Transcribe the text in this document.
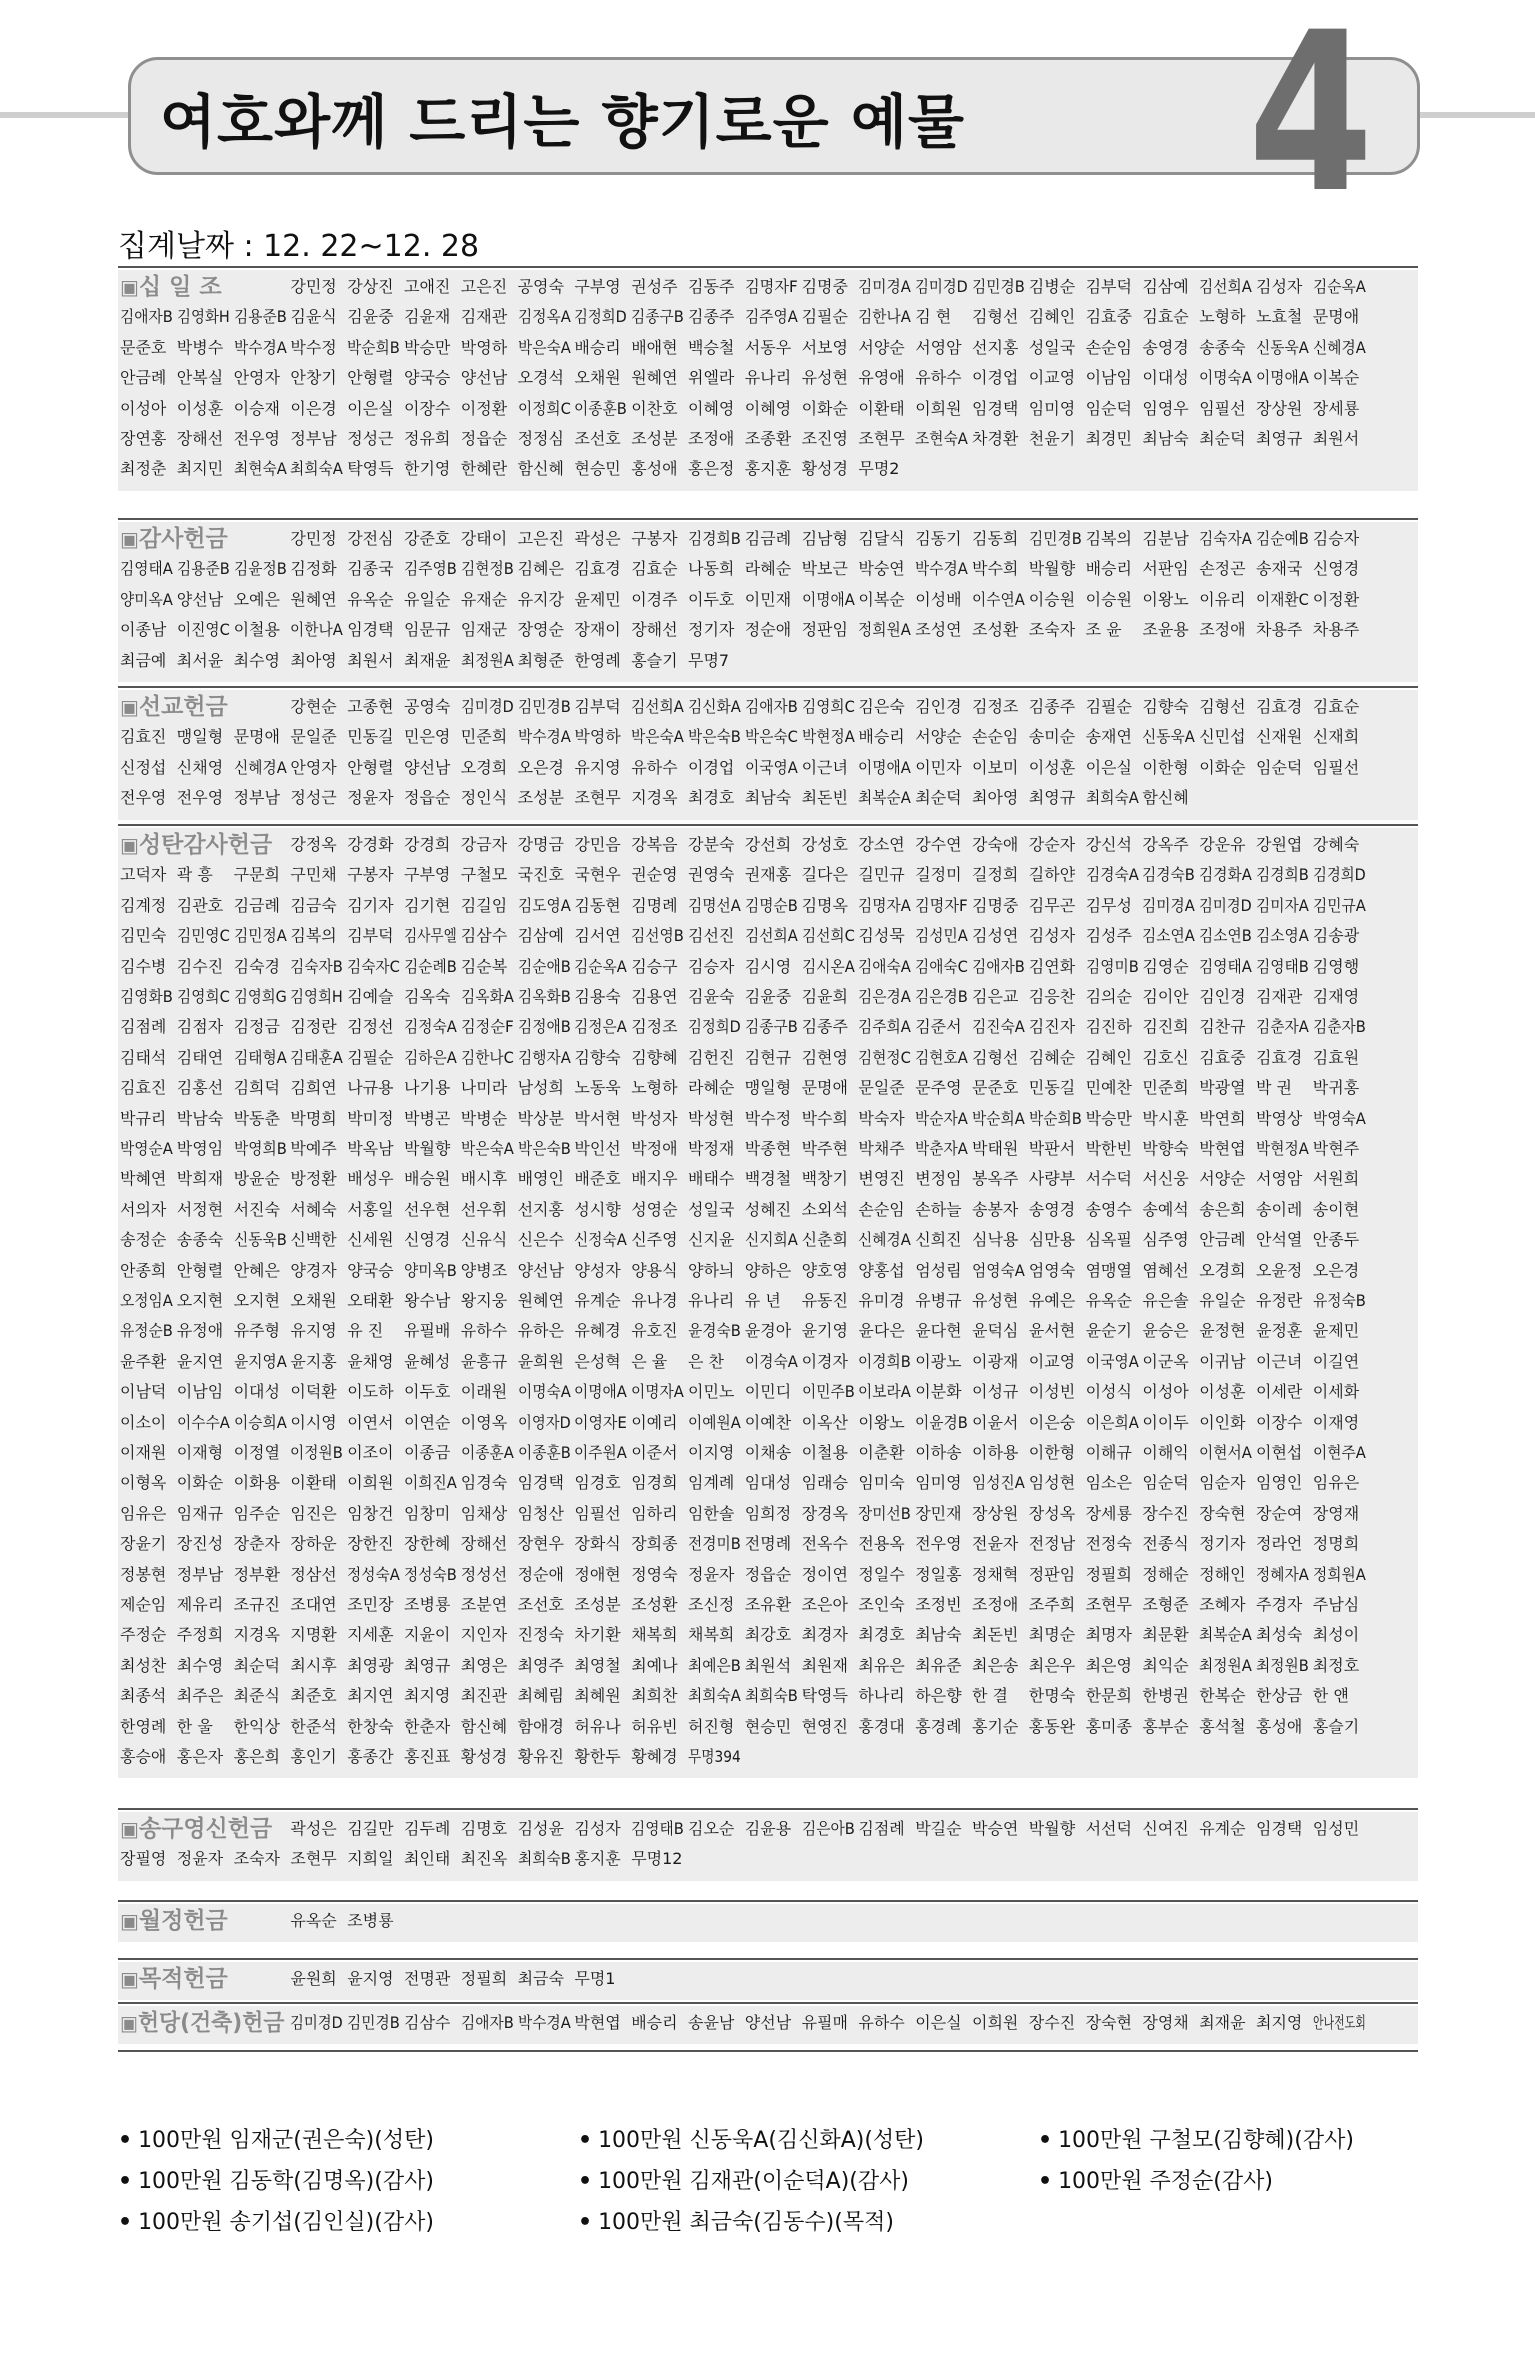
여호와께 드리는 향기로운 예물 4
집계날짜 : 12. 22~12. 28
▣십 일 조	강민정 강상진 고애진 고은진 공영숙 구부영 권성주 김동주 김명자F 김명중 김미경A 김미경D 김민경B 김병순 김부덕 김삼예 김선희A 김성자 김순옥A
김애자B 김영화H 김용준B 김윤식 김윤중 김윤재 김재관 김정옥A 김정희D 김종구B 김종주 김주영A 김필순 김한나A 김 현 김형선 김혜인 김효중 김효순 노형하 노효철 문명애
문준호 박병수 박수경A 박수정 박순희B 박승만 박영하 박은숙A 배승리 배애현 백승철 서동우 서보영 서양순 서영암 선지홍 성일국 손순임 송영경 송종숙 신동욱A 신혜경A
안금례 안복실 안영자 안창기 안형렬 양국승 양선남 오경석 오채원 원혜연 위엘라 유나리 유성현 유영애 유하수 이경업 이교영 이남임 이대성 이명숙A 이명애A 이복순
이성아 이성훈 이승재 이은경 이은실 이장수 이정환 이정희C 이종훈B 이찬호 이혜영 이혜영 이화순 이환태 이희원 임경택 임미영 임순덕 임영우 임필선 장상원 장세룡
장연홍 장해선 전우영 정부남 정성근 정유희 정읍순 정정심 조선호 조성분 조정애 조종환 조진영 조현무 조현숙A 차경환 천윤기 최경민 최남숙 최순덕 최영규 최원서
최정춘 최지민 최현숙A 최희숙A 탁영득 한기영 한혜란 함신혜 현승민 홍성애 홍은정 홍지훈 황성경 무명2
▣감사헌금	강민정 강전심 강준호 강태이 고은진 곽성은 구봉자 김경희B 김금례 김남형 김달식 김동기 김동희 김민경B 김복의 김분남 김숙자A 김순예B 김승자
김영태A 김용준B 김윤정B 김정화 김종국 김주영B 김현정B 김혜은 김효경 김효순 나동희 라혜순 박보근 박숭연 박수경A 박수희 박월향 배승리 서판임 손정곤 송재국 신영경
양미옥A 양선남 오예은 원혜연 유옥순 유일순 유재순 유지강 윤제민 이경주 이두호 이민재 이명애A 이복순 이성배 이수연A 이승원 이승원 이왕노 이유리 이재환C 이정환
이종남 이진영C 이철용 이한나A 임경택 임문규 임재군 장영순 장재이 장해선 정기자 정순애 정판임 정희원A 조성연 조성환 조숙자 조 윤 조윤용 조정애 차용주 차용주
최금예 최서윤 최수영 최아영 최원서 최재윤 최정원A 최형준 한영례 홍슬기 무명7
▣선교헌금	강현순 고종현 공영숙 김미경D 김민경B 김부덕 김선희A 김신화A 김애자B 김영희C 김은숙 김인경 김정조 김종주 김필순 김향숙 김형선 김효경 김효순
김효진 맹일형 문명애 문일준 민동길 민은영 민준희 박수경A 박영하 박은숙A 박은숙B 박은숙C 박현정A 배승리 서양순 손순임 송미순 송재연 신동욱A 신민섭 신재원 신재희
신정섭 신채영 신혜경A 안영자 안형렬 양선남 오경희 오은경 유지영 유하수 이경업 이국영A 이근녀 이명애A 이민자 이보미 이성훈 이은실 이한형 이화순 임순덕 임필선
전우영 전우영 정부남 정성근 정윤자 정읍순 정인식 조성분 조현무 지경옥 최경호 최남숙 최돈빈 최복순A 최순덕 최아영 최영규 최희숙A 함신혜
▣성탄감사헌금 강정옥 강경화 강경희 강금자 강명금 강민음 강복음 강분숙 강선희 강성호 강소연 강수연 강숙애 강순자 강신석 강옥주 강운유 강원엽 강혜숙
고덕자 곽 흥 구문희 구민채 구봉자 구부영 구철모 국진호 국현우 권순영 권영숙 권재홍 길다은 길민규 길정미 길정희 길하얀 김경숙A 김경숙B 김경화A 김경희B 김경희D
김계정 김관호 김금례 김금숙 김기자 김기현 김길임 김도영A 김동현 김명례 김명선A 김명순B 김명옥 김명자A 김명자F 김명중 김무곤 김무성 김미경A 김미경D 김미자A 김민규A
김민숙 김민영C 김민정A 김복의 김부덕 김사무엘 김삼수 김삼예 김서연 김선영B 김선진 김선희A 김선희C 김성묵 김성민A 김성연 김성자 김성주 김소연A 김소연B 김소영A 김송광
김수병 김수진 김숙경 김숙자B 김숙자C 김순례B 김순복 김순애B 김순옥A 김승구 김승자 김시영 김시온A 김애숙A 김애숙C 김애자B 김연화 김영미B 김영순 김영태A 김영태B 김영행
김영화B 김영희C 김영희G 김영희H 김예슬 김옥숙 김옥화A 김옥화B 김용숙 김용연 김윤숙 김윤중 김윤희 김은경A 김은경B 김은교 김응찬 김의순 김이안 김인경 김재관 김재영
김점례 김점자 김정금 김정란 김정선 김정숙A 김정순F 김정애B 김정은A 김정조 김정희D 김종구B 김종주 김주희A 김준서 김진숙A 김진자 김진하 김진희 김찬규 김춘자A 김춘자B
김태석 김태연 김태형A 김태훈A 김필순 김하은A 김한나C 김행자A 김향숙 김향혜 김헌진 김현규 김현영 김현정C 김현호A 김형선 김혜순 김혜인 김호신 김효중 김효경 김효원
김효진 김홍선 김희덕 김희연 나규용 나기용 나미라 남성희 노동욱 노형하 라혜순 맹일형 문명애 문일준 문주영 문준호 민동길 민예찬 민준희 박광열 박 권 박귀홍
박규리 박남숙 박동춘 박명희 박미정 박병곤 박병순 박상분 박서현 박성자 박성현 박수정 박수희 박숙자 박순자A 박순희A 박순희B 박승만 박시훈 박연희 박영상 박영숙A
박영순A 박영임 박영희B 박예주 박옥남 박월향 박은숙A 박은숙B 박인선 박정애 박정재 박종현 박주현 박채주 박춘자A 박태원 박판서 박한빈 박향숙 박현엽 박현정A 박현주
박혜연 박희재 방윤순 방정환 배성우 배승원 배시후 배영인 배준호 배지우 배태수 백경철 백창기 변영진 변정임 봉옥주 사량부 서수덕 서신웅 서양순 서영암 서원희
서의자 서정현 서진숙 서혜숙 서홍일 선우현 선우휘 선지홍 성시향 성영순 성일국 성혜진 소외석 손순임 손하늘 송봉자 송영경 송영수 송예석 송은희 송이레 송이현
송정순 송종숙 신동욱B 신백한 신세원 신영경 신유식 신은수 신정숙A 신주영 신지윤 신지희A 신춘희 신혜경A 신희진 심낙용 심만용 심옥필 심주영 안금례 안석열 안종두
안종희 안형렬 안혜은 양경자 양국승 양미옥B 양병조 양선남 양성자 양용식 양하늬 양하은 양호영 양홍섭 엄성림 엄영숙A 엄영숙 염맹열 염혜선 오경희 오윤정 오은경
오정임A 오지현 오지현 오채원 오태환 왕수남 왕지웅 원혜연 유계순 유나경 유나리 유 년 유동진 유미경 유병규 유성현 유예은 유옥순 유은솔 유일순 유정란 유정숙B
유정순B 유정애 유주형 유지영 유 진 유필배 유하수 유하은 유혜경 유호진 윤경숙B 윤경아 윤기영 윤다은 윤다현 윤덕심 윤서현 윤순기 윤승은 윤정현 윤정훈 윤제민
윤주환 윤지연 윤지영A 윤지홍 윤채영 윤혜성 윤흥규 윤희원 은성혁 은 율 은 찬 이경숙A 이경자 이경희B 이광노 이광재 이교영 이국영A 이군옥 이귀남 이근녀 이길연
이남덕 이남임 이대성 이덕환 이도하 이두호 이래원 이명숙A 이명애A 이명자A 이민노 이민디 이민주B 이보라A 이분화 이성규 이성빈 이성식 이성아 이성훈 이세란 이세화
이소이 이수수A 이승희A 이시영 이연서 이연순 이영옥 이영자D 이영자E 이예리 이예원A 이예찬 이옥산 이왕노 이윤경B 이윤서 이은숭 이은희A 이이두 이인화 이장수 이재영
이재원 이재형 이정열 이정원B 이조이 이종금 이종훈A 이종훈B 이주원A 이준서 이지영 이채송 이철용 이춘환 이하송 이하용 이한형 이해규 이해익 이현서A 이현섭 이현주A
이형옥 이화순 이화용 이환태 이희원 이희진A 임경숙 임경택 임경호 임경희 임계례 임대성 임래승 임미숙 임미영 임성진A 임성현 임소은 임순덕 임순자 임영인 임유은
임유은 임재규 임주순 임진은 임창건 임창미 임채상 임청산 임필선 임하리 임한솔 임희정 장경옥 장미선B 장민재 장상원 장성옥 장세룡 장수진 장숙현 장순여 장영재
장윤기 장진성 장춘자 장하운 장한진 장한혜 장해선 장현우 장화식 장희종 전경미B 전명례 전옥수 전용옥 전우영 전윤자 전정남 전정숙 전종식 정기자 정라언 정명희
정봉현 정부남 정부환 정삼선 정성숙A 정성숙B 정성선 정순애 정애현 정영숙 정윤자 정읍순 정이연 정일수 정일홍 정채혁 정판임 정필희 정해순 정해인 정혜자A 정희원A
제순임 제유리 조규진 조대연 조민장 조병룡 조분연 조선호 조성분 조성환 조신정 조유환 조은아 조인숙 조정빈 조정애 조주희 조현무 조형준 조혜자 주경자 주남심
주정순 주정희 지경옥 지명환 지세훈 지윤이 지인자 진정숙 차기환 채복희 채복희 최강호 최경자 최경호 최남숙 최돈빈 최명순 최명자 최문환 최복순A 최성숙 최성이
최성찬 최수영 최순덕 최시후 최영광 최영규 최영은 최영주 최영철 최예나 최예은B 최원석 최원재 최유은 최유준 최은송 최은우 최은영 최익순 최정원A 최정원B 최정호
최종석 최주은 최준식 최준호 최지연 최지영 최진관 최혜림 최혜원 최희찬 최희숙A 최희숙B 탁영득 하나리 하은향 한 결 한명숙 한문희 한병권 한복순 한상금 한 얜
한영례 한 울 한익상 한준석 한창숙 한춘자 함신혜 함애경 허유나 허유빈 허진형 현승민 현영진 홍경대 홍경례 홍기순 홍동완 홍미종 홍부순 홍석철 홍성애 홍슬기
홍승애 홍은자 홍은희 홍인기 홍종간 홍진표 황성경 황유진 황한두 황혜경 무명394
▣송구영신헌금 곽성은 김길만 김두례 김명호 김성윤 김성자 김영태B 김오순 김윤용 김은아B 김점례 박길순 박승연 박월향 서선덕 신여진 유계순 임경택 임성민
장필영 정윤자 조숙자 조현무 지희일 최인태 최진옥 최희숙B 홍지훈 무명12
▣월정헌금	유옥순 조병룡
▣목적헌금	윤원희 윤지영 전명관 정필희 최금숙 무명1
▣헌당(건축)헌금 김미경D 김민경B 김삼수 김애자B 박수경A 박현엽 배승리 송윤남 양선남 유필매 유하수 이은실 이희원 장수진 장숙현 장영채 최재윤 최지영 안나전도회
• 100만원 임재군(권은숙)(성탄)	• 100만원 신동욱A(김신화A)(성탄)	• 100만원 구철모(김향혜)(감사)
• 100만원 김동학(김명옥)(감사)	• 100만원 김재관(이순덕A)(감사)	• 100만원 주정순(감사)
• 100만원 송기섭(김인실)(감사)	• 100만원 최금숙(김동수)(목적)
